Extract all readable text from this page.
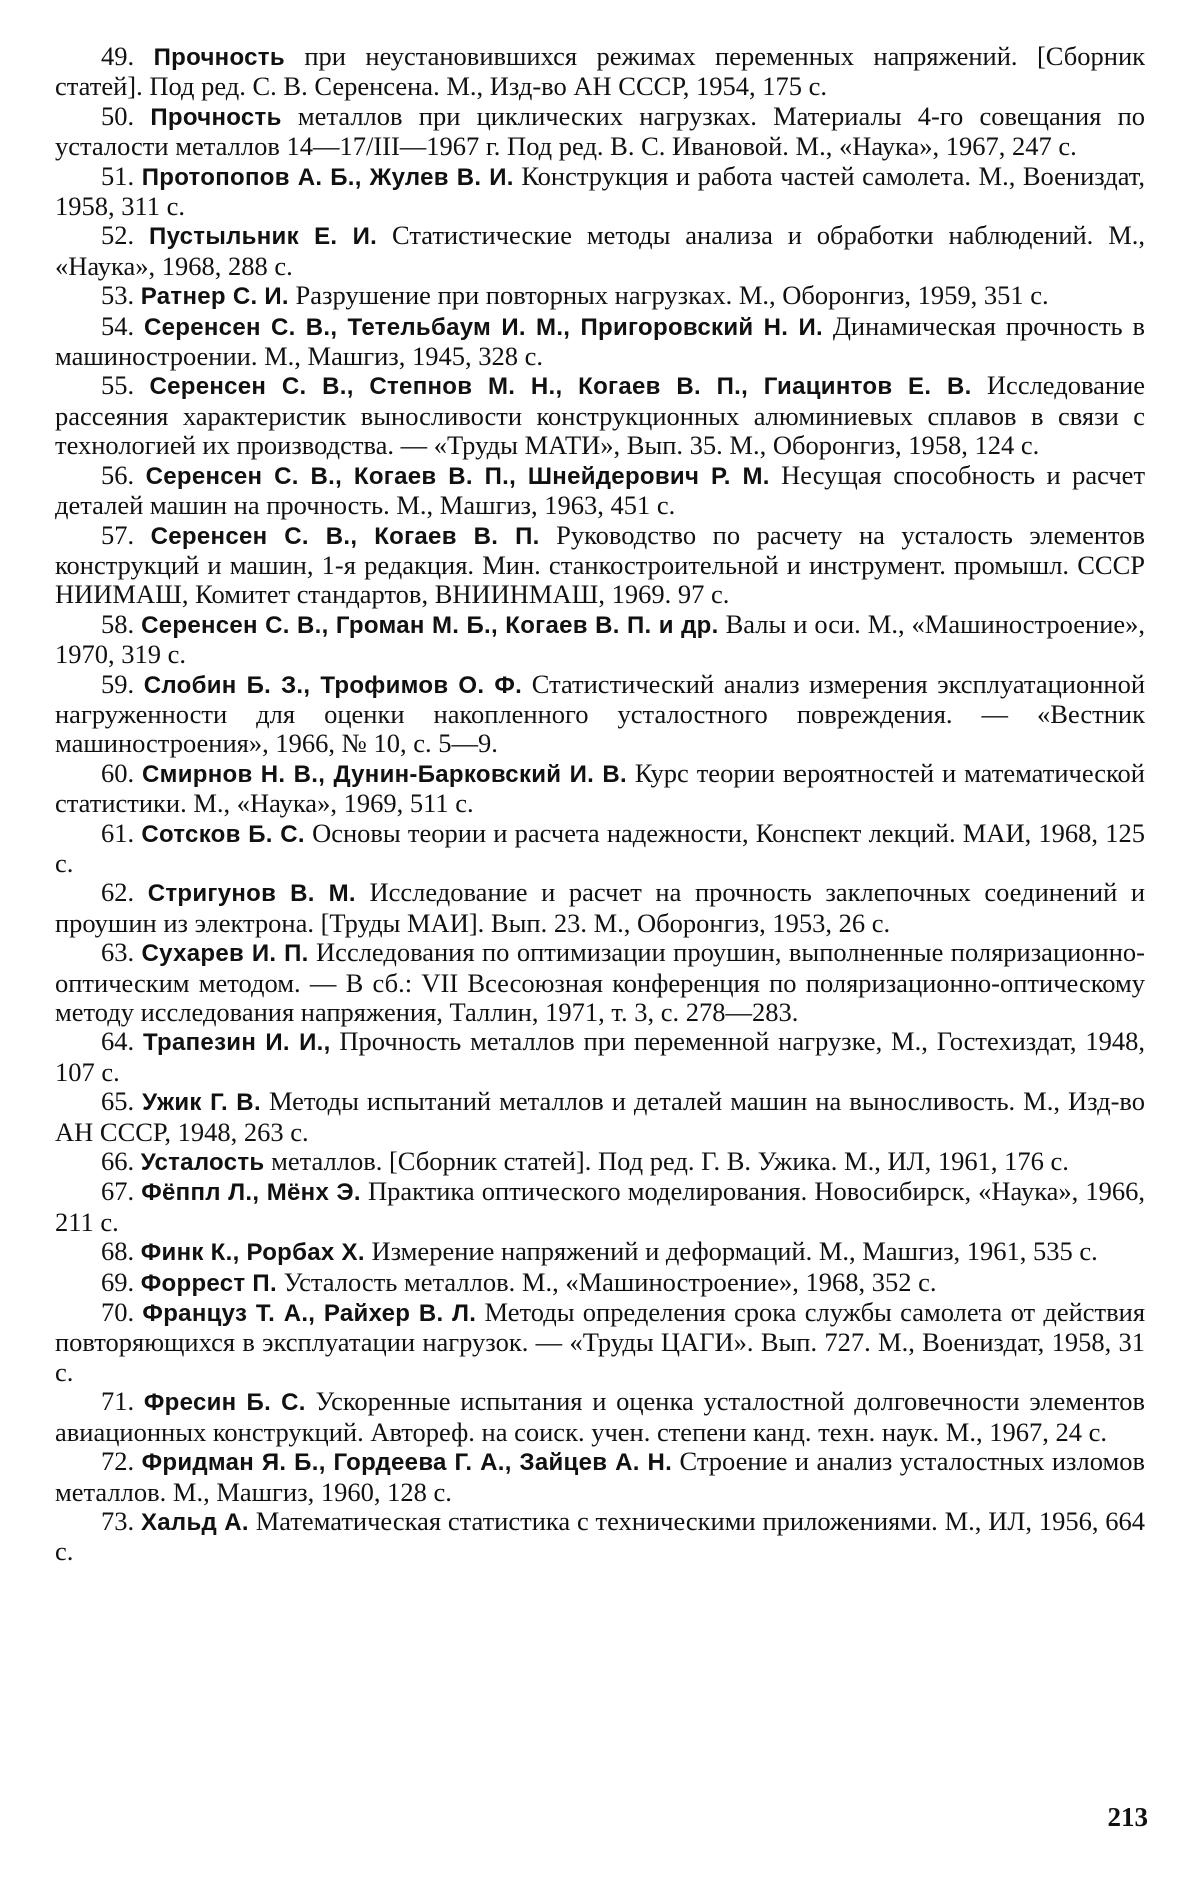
49. Прочность при неустановившихся режимах переменных напряжений. [Сборник статей]. Под ред. С. В. Серенсена. М., Изд-во АН СССР, 1954, 175 с.

50. Прочность металлов при циклических нагрузках. Материалы 4-го совещания по усталости металлов 14—17/III—1967 г. Под ред. В. С. Ивановой. М., «Наука», 1967, 247 с.

51. Протопопов А. Б., Жулев В. И. Конструкция и работа частей самолета. М., Воениздат, 1958, 311 с.

52. Пустыльник Е. И. Статистические методы анализа и обработки наблюдений. М., «Наука», 1968, 288 с.

53. Ратнер С. И. Разрушение при повторных нагрузках. М., Оборонгиз, 1959, 351 с.

54. Серенсен С. В., Тетельбаум И. М., Пригоровский Н. И. Динамическая прочность в машиностроении. М., Машгиз, 1945, 328 с.

55. Серенсен С. В., Степнов М. Н., Когаев В. П., Гиацинтов Е. В. Исследование рассеяния характеристик выносливости конструкционных алюминиевых сплавов в связи с технологией их производства. — «Труды МАТИ», Вып. 35. М., Оборонгиз, 1958, 124 с.

56. Серенсен С. В., Когаев В. П., Шнейдерович Р. М. Несущая способность и расчет деталей машин на прочность. М., Машгиз, 1963, 451 с.

57. Серенсен С. В., Когаев В. П. Руководство по расчету на усталость элементов конструкций и машин, 1-я редакция. Мин. станкостроительной и инструмент. промышл. СССР НИИМАШ, Комитет стандартов, ВНИИНМАШ, 1969. 97 с.

58. Серенсен С. В., Громан М. Б., Когаев В. П. и др. Валы и оси. М., «Машиностроение», 1970, 319 с.

59. Слобин Б. З., Трофимов О. Ф. Статистический анализ измерения эксплуатационной нагруженности для оценки накопленного усталостного повреждения. — «Вестник машиностроения», 1966, № 10, с. 5—9.

60. Смирнов Н. В., Дунин-Барковский И. В. Курс теории вероятностей и математической статистики. М., «Наука», 1969, 511 с.

61. Сотсков Б. С. Основы теории и расчета надежности, Конспект лекций. МАИ, 1968, 125 с.

62. Стригунов В. М. Исследование и расчет на прочность заклепочных соединений и проушин из электрона. [Труды МАИ]. Вып. 23. М., Оборонгиз, 1953, 26 с.

63. Сухарев И. П. Исследования по оптимизации проушин, выполненные поляризационно-оптическим методом. — В сб.: VII Всесоюзная конференция по поляризационно-оптическому методу исследования напряжения, Таллин, 1971, т. 3, с. 278—283.

64. Трапезин И. И., Прочность металлов при переменной нагрузке, М., Гостехиздат, 1948, 107 с.

65. Ужик Г. В. Методы испытаний металлов и деталей машин на выносливость. М., Изд-во АН СССР, 1948, 263 с.

66. Усталость металлов. [Сборник статей]. Под ред. Г. В. Ужика. М., ИЛ, 1961, 176 с.

67. Фёппл Л., Мёнх Э. Практика оптического моделирования. Новосибирск, «Наука», 1966, 211 с.

68. Финк К., Рорбах Х. Измерение напряжений и деформаций. М., Машгиз, 1961, 535 с.

69. Форрест П. Усталость металлов. М., «Машиностроение», 1968, 352 с.

70. Француз Т. А., Райхер В. Л. Методы определения срока службы самолета от действия повторяющихся в эксплуатации нагрузок. — «Труды ЦАГИ». Вып. 727. М., Воениздат, 1958, 31 с.

71. Фресин Б. С. Ускоренные испытания и оценка усталостной долговечности элементов авиационных конструкций. Автореф. на соиск. учен. степени канд. техн. наук. М., 1967, 24 с.

72. Фридман Я. Б., Гордеева Г. А., Зайцев А. Н. Строение и анализ усталостных изломов металлов. М., Машгиз, 1960, 128 с.

73. Хальд А. Математическая статистика с техническими приложениями. М., ИЛ, 1956, 664 с.

213
